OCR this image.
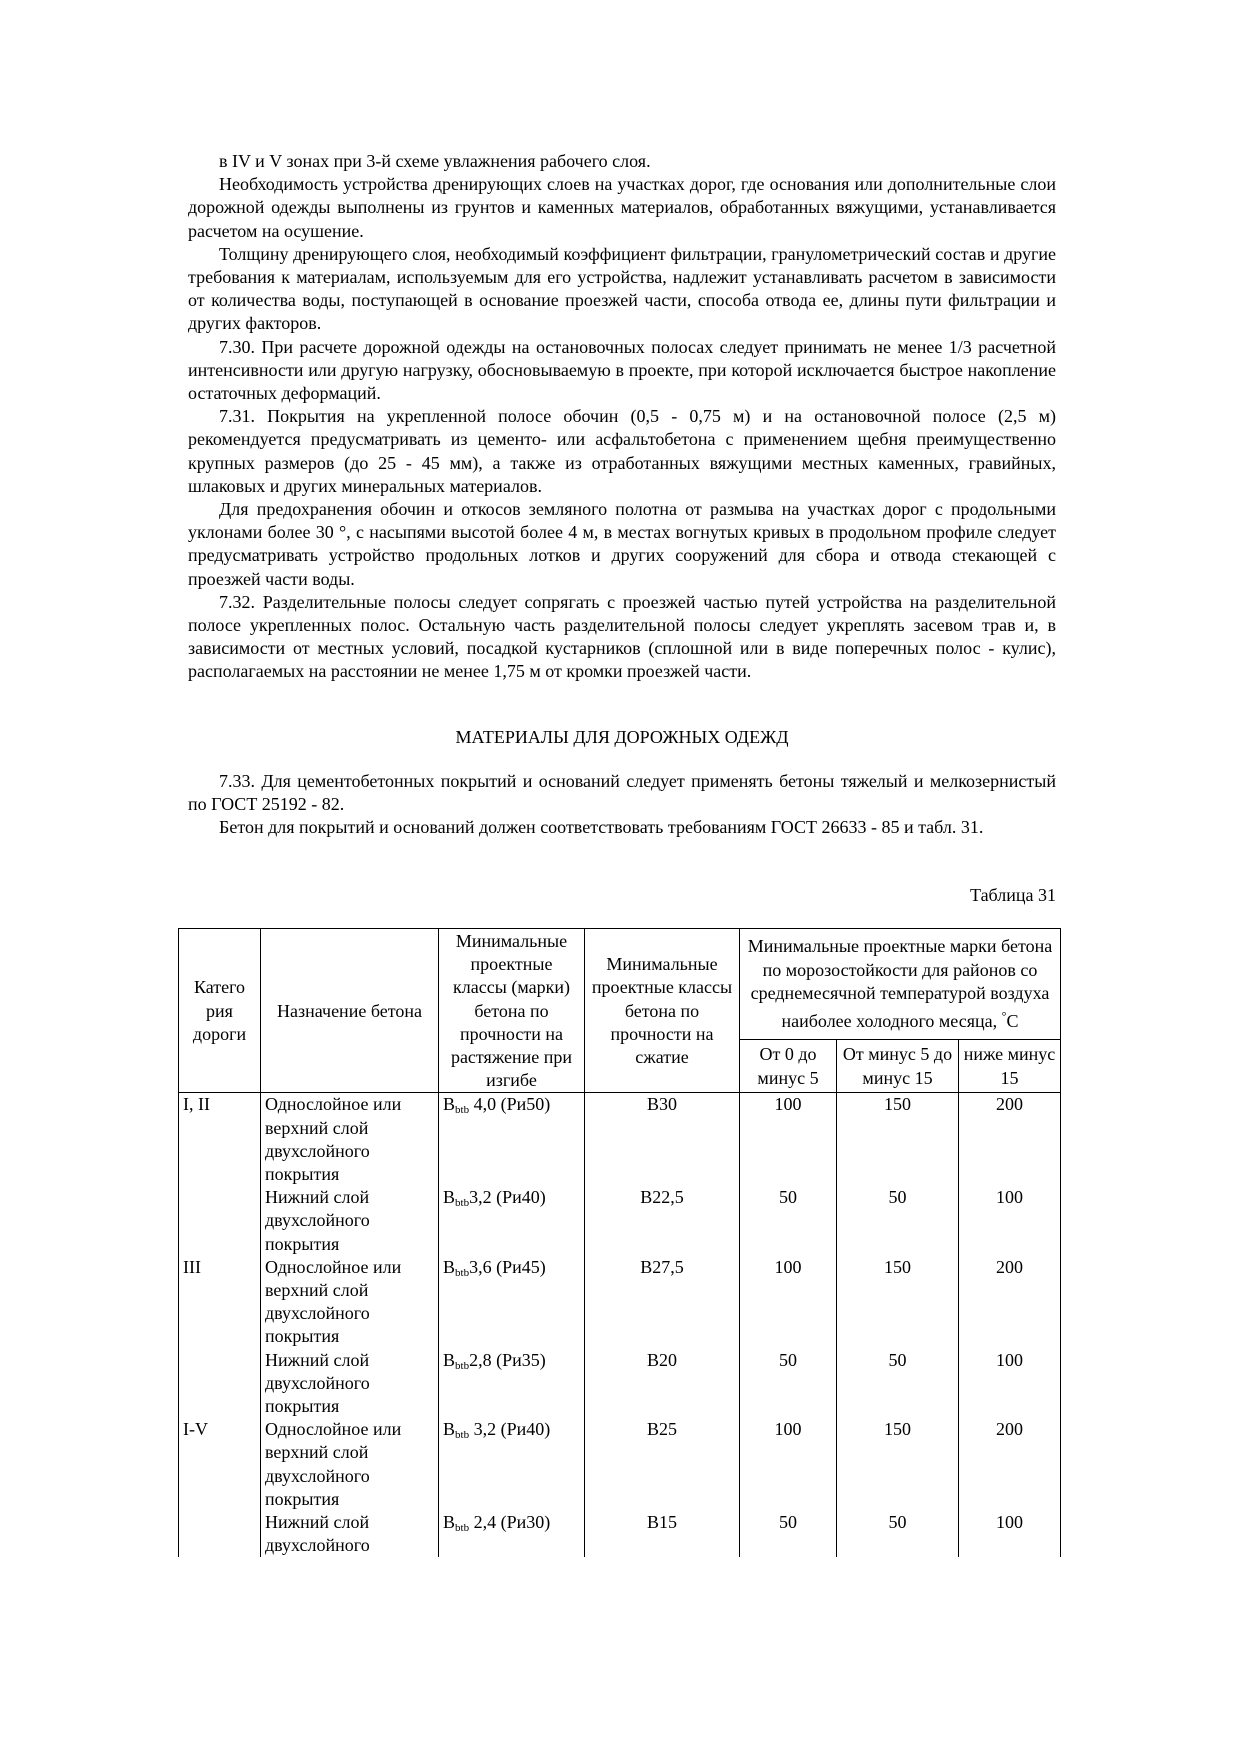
в IV и V зонах при 3-й схеме увлажнения рабочего слоя.

Необходимость устройства дренирующих слоев на участках дорог, где основания или дополнительные слои дорожной одежды выполнены из грунтов и каменных материалов, обработанных вяжущими, устанавливается расчетом на осушение.

Толщину дренирующего слоя, необходимый коэффициент фильтрации, гранулометрический состав и другие требования к материалам, используемым для его устройства, надлежит устанавливать расчетом в зависимости от количества воды, поступающей в основание проезжей части, способа отвода ее, длины пути фильтрации и других факторов.

7.30. При расчете дорожной одежды на остановочных полосах следует принимать не менее 1/3 расчетной интенсивности или другую нагрузку, обосновываемую в проекте, при которой исключается быстрое накопление остаточных деформаций.

7.31. Покрытия на укрепленной полосе обочин (0,5 - 0,75 м) и на остановочной полосе (2,5 м) рекомендуется предусматривать из цементо- или асфальтобетона с применением щебня преимущественно крупных размеров (до 25 - 45 мм), а также из отработанных вяжущими местных каменных, гравийных, шлаковых и других минеральных материалов.

Для предохранения обочин и откосов земляного полотна от размыва на участках дорог с продольными уклонами более 30 °, с насыпями высотой более 4 м, в местах вогнутых кривых в продольном профиле следует предусматривать устройство продольных лотков и других сооружений для сбора и отвода стекающей с проезжей части воды.

7.32. Разделительные полосы следует сопрягать с проезжей частью путей устройства на разделительной полосе укрепленных полос. Остальную часть разделительной полосы следует укреплять засевом трав и, в зависимости от местных условий, посадкой кустарников (сплошной или в виде поперечных полос - кулис), располагаемых на расстоянии не менее 1,75 м от кромки проезжей части.

МАТЕРИАЛЫ ДЛЯ ДОРОЖНЫХ ОДЕЖД

7.33. Для цементобетонных покрытий и оснований следует применять бетоны тяжелый и мелкозернистый по ГОСТ 25192 - 82.

Бетон для покрытий и оснований должен соответствовать требованиям ГОСТ 26633 - 85 и табл. 31.

Таблица 31
Катего рия дороги	Назначение бетона	Минимальные проектные классы (марки) бетона по прочности на растяжение при изгибе	Минимальные проектные классы бетона по прочности на сжатие	Минимальные проектные марки бетона по морозостойкости для районов со среднемесячной температурой воздуха наиболее холодного месяца, °С		
				От 0 до минус 5	От минус 5 до минус 15	ниже минус 15
I, II	Однослойное или верхний слой двухслойного покрытия	$B_{btb}$ 4,0 (Ри50)	B30	100	150	200
	Нижний слой двухслойного покрытия	$B_{btb}3,2$ (Ри40)	B22,5	50	50	100
III	Однослойное или верхний слой двухслойного покрытия	$B_{btb}3,6$ (Ри45)	B27,5	100	150	200
	Нижний слой двухслойного покрытия	$B_{btb}2,8$ (Ри35)	B20	50	50	100
I-V	Однослойное или верхний слой двухслойного покрытия	$B_{btb}$ 3,2 (Ри40)	B25	100	150	200
	Нижний слой двухслойного	$B_{btb}$ 2,4 (Ри30)	B15	50	50	100
